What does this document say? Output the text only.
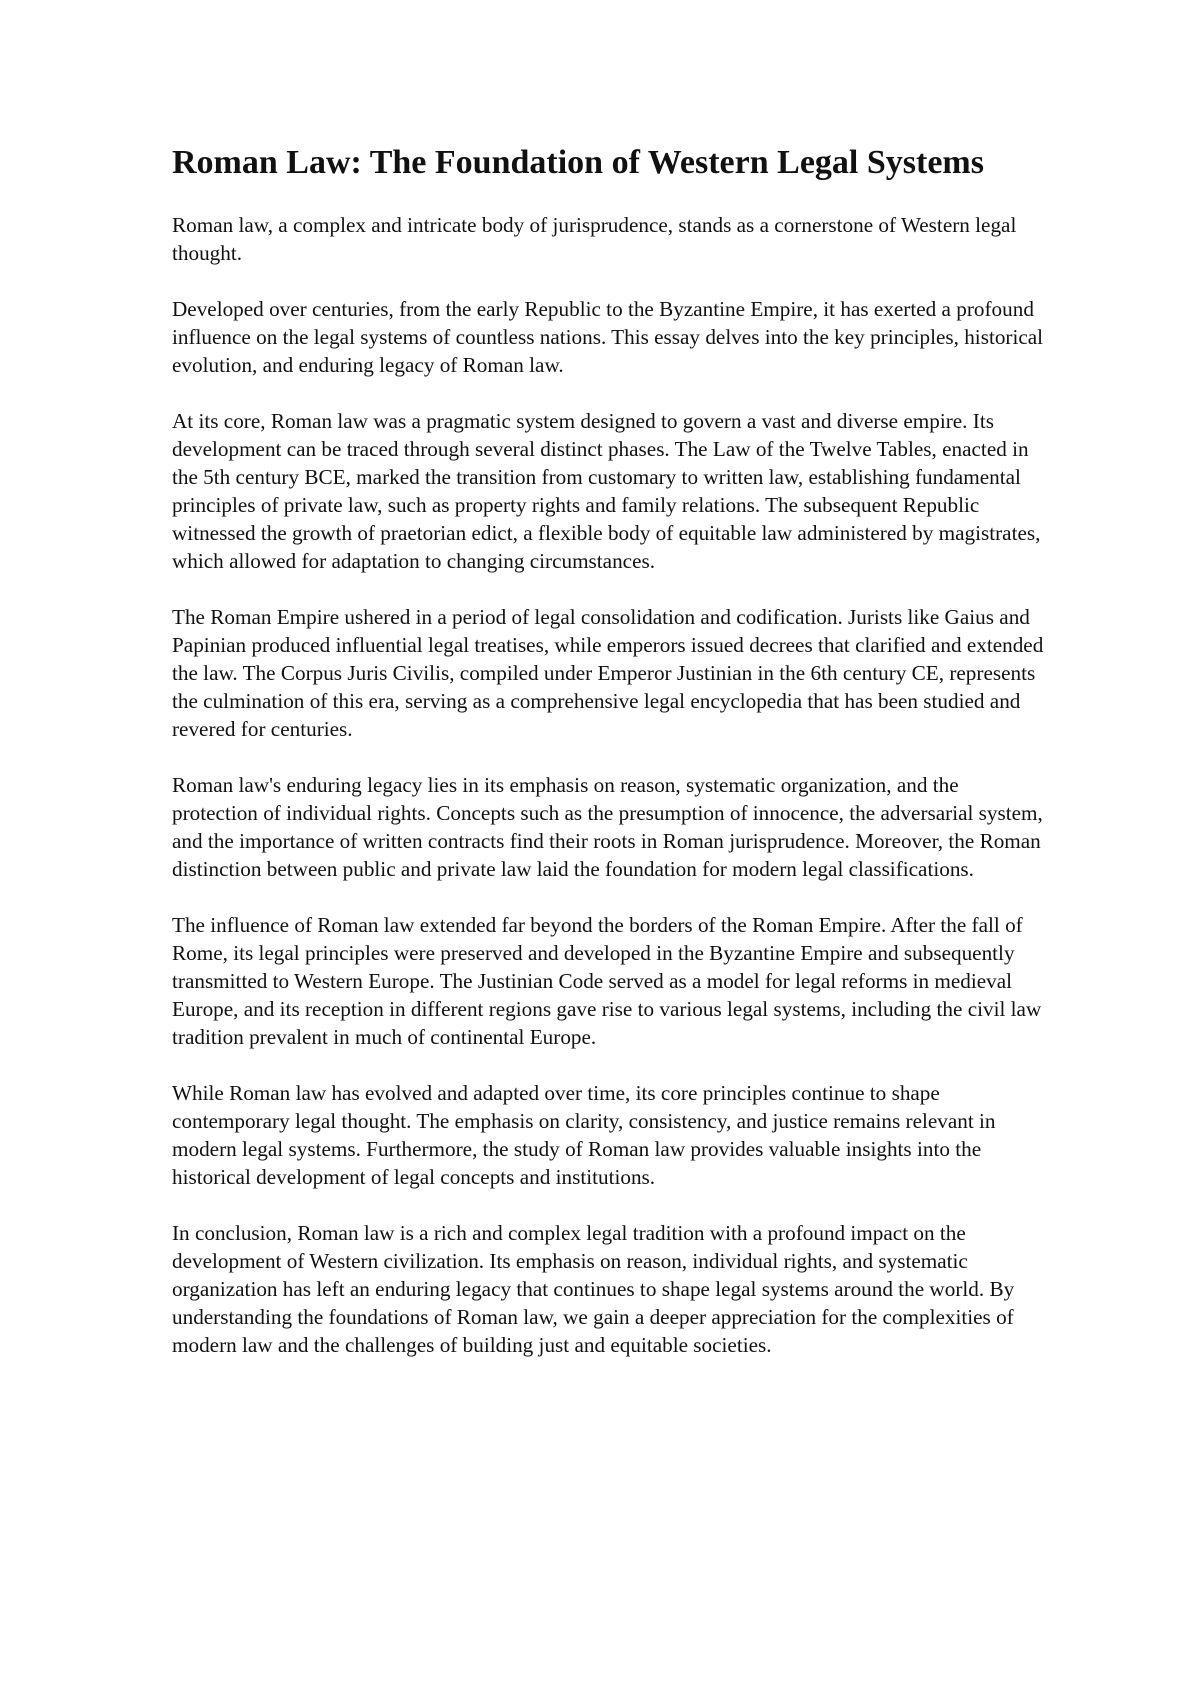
Roman Law: The Foundation of Western Legal Systems

Roman law, a complex and intricate body of jurisprudence, stands as a cornerstone of Western legal thought.

Developed over centuries, from the early Republic to the Byzantine Empire, it has exerted a profound influence on the legal systems of countless nations. This essay delves into the key principles, historical evolution, and enduring legacy of Roman law.

At its core, Roman law was a pragmatic system designed to govern a vast and diverse empire. Its development can be traced through several distinct phases. The Law of the Twelve Tables, enacted in the 5th century BCE, marked the transition from customary to written law, establishing fundamental principles of private law, such as property rights and family relations. The subsequent Republic witnessed the growth of praetorian edict, a flexible body of equitable law administered by magistrates, which allowed for adaptation to changing circumstances.

The Roman Empire ushered in a period of legal consolidation and codification. Jurists like Gaius and Papinian produced influential legal treatises, while emperors issued decrees that clarified and extended the law. The Corpus Juris Civilis, compiled under Emperor Justinian in the 6th century CE, represents the culmination of this era, serving as a comprehensive legal encyclopedia that has been studied and revered for centuries.

Roman law's enduring legacy lies in its emphasis on reason, systematic organization, and the protection of individual rights. Concepts such as the presumption of innocence, the adversarial system, and the importance of written contracts find their roots in Roman jurisprudence. Moreover, the Roman distinction between public and private law laid the foundation for modern legal classifications.

The influence of Roman law extended far beyond the borders of the Roman Empire. After the fall of Rome, its legal principles were preserved and developed in the Byzantine Empire and subsequently transmitted to Western Europe. The Justinian Code served as a model for legal reforms in medieval Europe, and its reception in different regions gave rise to various legal systems, including the civil law tradition prevalent in much of continental Europe.

While Roman law has evolved and adapted over time, its core principles continue to shape contemporary legal thought. The emphasis on clarity, consistency, and justice remains relevant in modern legal systems. Furthermore, the study of Roman law provides valuable insights into the historical development of legal concepts and institutions.

In conclusion, Roman law is a rich and complex legal tradition with a profound impact on the development of Western civilization. Its emphasis on reason, individual rights, and systematic organization has left an enduring legacy that continues to shape legal systems around the world. By understanding the foundations of Roman law, we gain a deeper appreciation for the complexities of modern law and the challenges of building just and equitable societies.
